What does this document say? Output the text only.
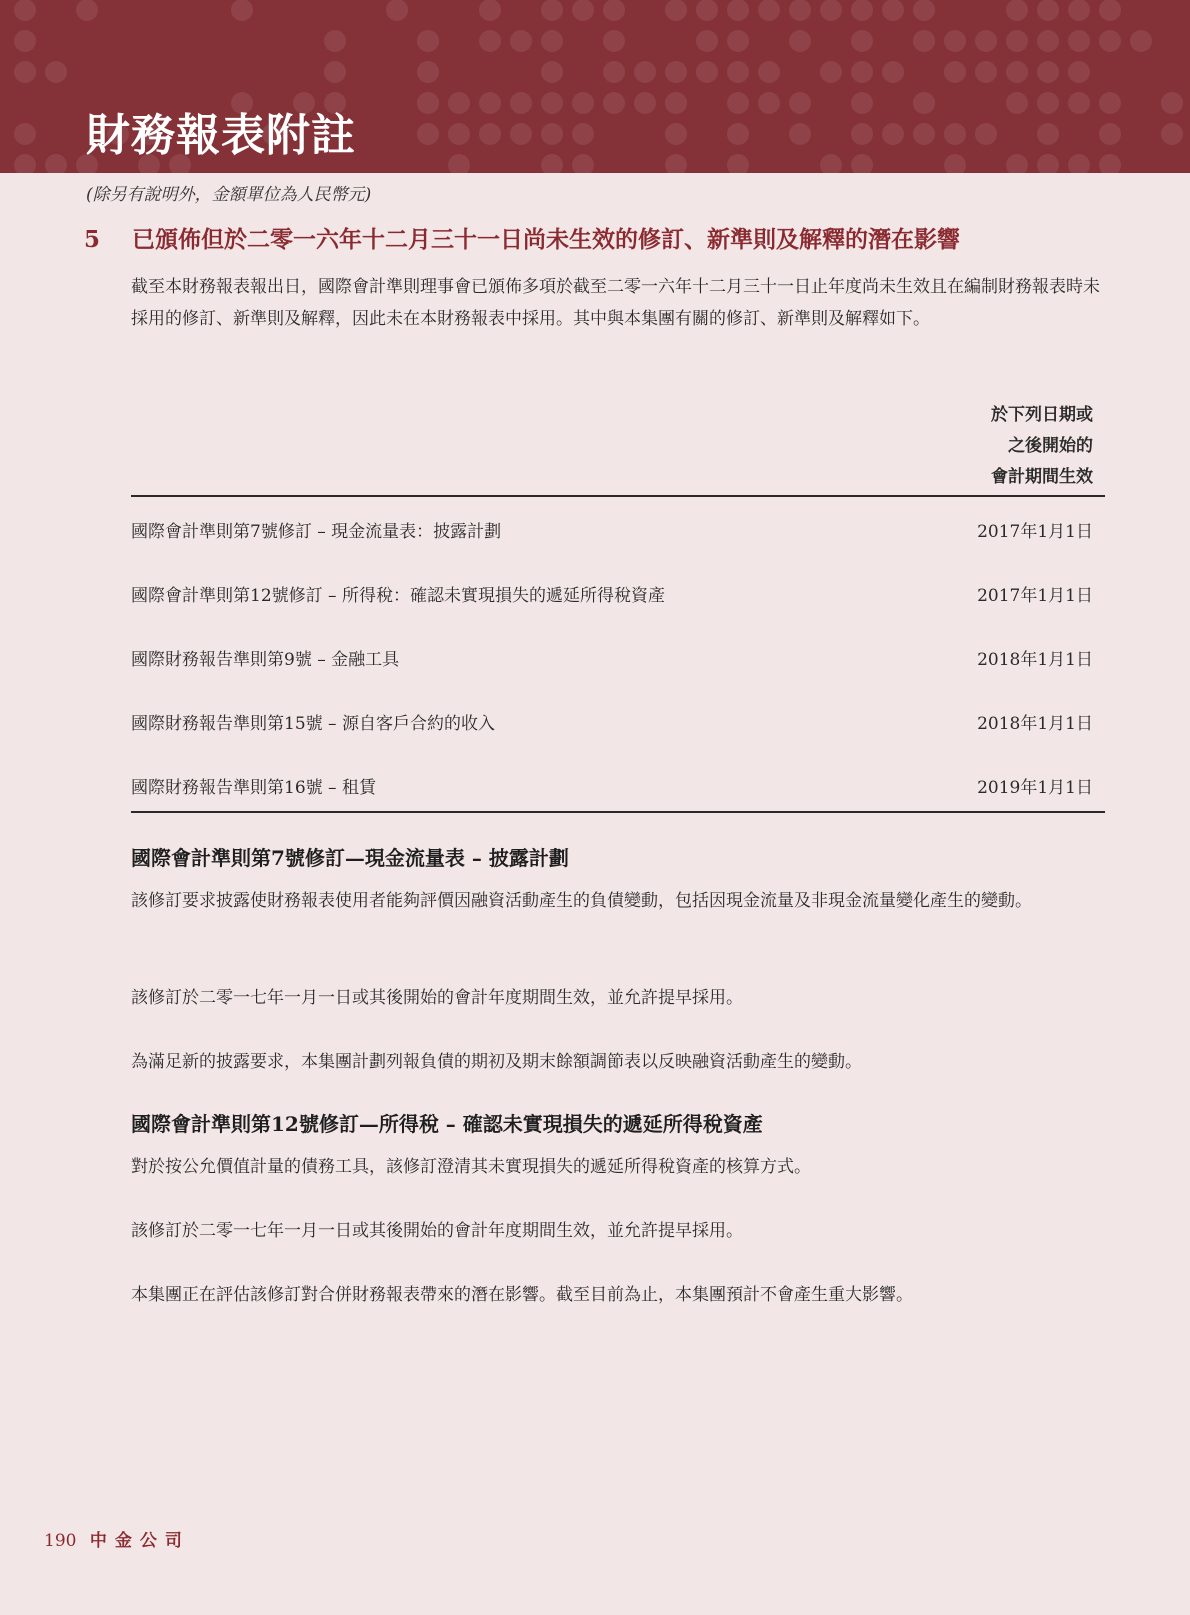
財務報表附註
(除另有說明外，金額單位為人民幣元)
5 已頒佈但於二零一六年十二月三十一日尚未生效的修訂、新準則及解釋的潛在影響

截至本財務報表報出日，國際會計準則理事會已頒佈多項於截至二零一六年十二月三十一日止年度尚未生效且在編制財務報表時未採用的修訂、新準則及解釋，因此未在本財務報表中採用。其中與本集團有關的修訂、新準則及解釋如下。

於下列日期或
之後開始的
會計期間生效
國際會計準則第7號修訂 – 現金流量表：披露計劃	2017年1月1日
國際會計準則第12號修訂 – 所得稅：確認未實現損失的遞延所得稅資產	2017年1月1日
國際財務報告準則第9號 – 金融工具	2018年1月1日
國際財務報告準則第15號 – 源自客戶合約的收入	2018年1月1日
國際財務報告準則第16號 – 租賃	2019年1月1日
國際會計準則第7號修訂—現金流量表 – 披露計劃

該修訂要求披露使財務報表使用者能夠評價因融資活動產生的負債變動，包括因現金流量及非現金流量變化產生的變動。

該修訂於二零一七年一月一日或其後開始的會計年度期間生效，並允許提早採用。

為滿足新的披露要求，本集團計劃列報負債的期初及期末餘額調節表以反映融資活動產生的變動。

國際會計準則第12號修訂—所得稅 – 確認未實現損失的遞延所得稅資產

對於按公允價值計量的債務工具，該修訂澄清其未實現損失的遞延所得稅資產的核算方式。

該修訂於二零一七年一月一日或其後開始的會計年度期間生效，並允許提早採用。

本集團正在評估該修訂對合併財務報表帶來的潛在影響。截至目前為止，本集團預計不會產生重大影響。

190 中金公司
